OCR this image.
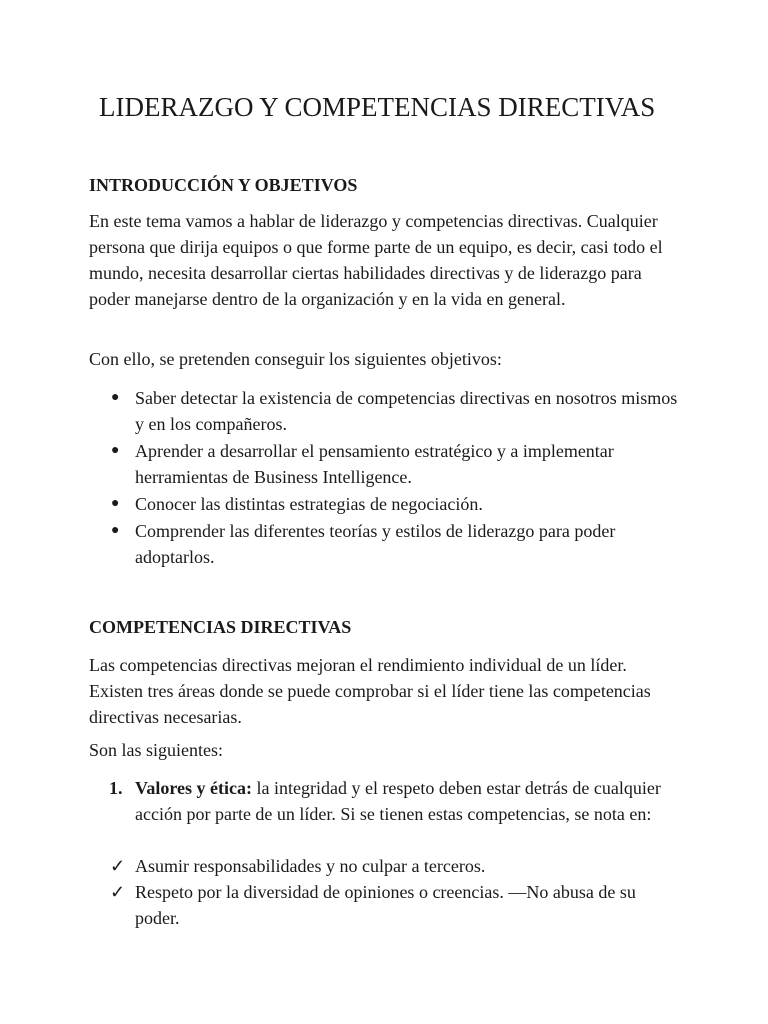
LIDERAZGO Y COMPETENCIAS DIRECTIVAS
INTRODUCCIÓN Y OBJETIVOS

En este tema vamos a hablar de liderazgo y competencias directivas. Cualquier persona que dirija equipos o que forme parte de un equipo, es decir, casi todo el mundo, necesita desarrollar ciertas habilidades directivas y de liderazgo para poder manejarse dentro de la organización y en la vida en general.

Con ello, se pretenden conseguir los siguientes objetivos:

● Saber detectar la existencia de competencias directivas en nosotros mismos y en los compañeros.
● Aprender a desarrollar el pensamiento estratégico y a implementar herramientas de Business Intelligence.
● Conocer las distintas estrategias de negociación.
● Comprender las diferentes teorías y estilos de liderazgo para poder adoptarlos.
COMPETENCIAS DIRECTIVAS

Las competencias directivas mejoran el rendimiento individual de un líder. Existen tres áreas donde se puede comprobar si el líder tiene las competencias directivas necesarias.

Son las siguientes:

1. Valores y ética: la integridad y el respeto deben estar detrás de cualquier acción por parte de un líder. Si se tienen estas competencias, se nota en:
✓ Asumir responsabilidades y no culpar a terceros.
✓ Respeto por la diversidad de opiniones o creencias. —No abusa de su poder.
